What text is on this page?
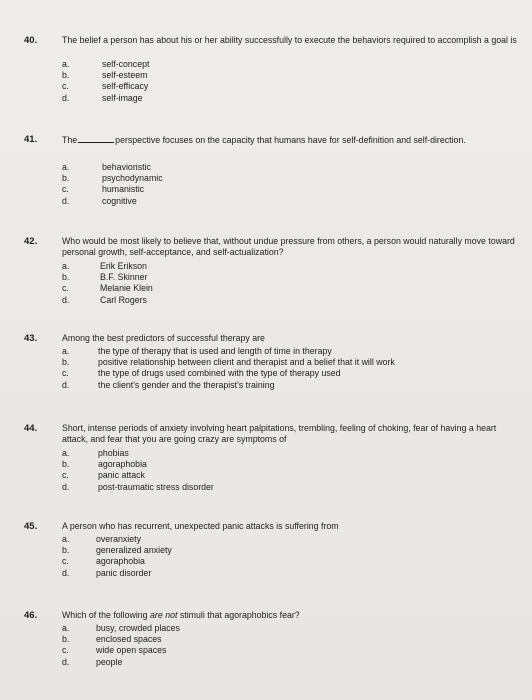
40.	The belief a person has about his or her ability successfully to execute the behaviors required to accomplish a goal is
a.	self-concept
b.	self-esteem
c.	self-efficacy
d.	self-image
41.	The	perspective focuses on the capacity that humans have for self-definition and self-direction.
a.	behavioristic
b.	psychodynamic
c.	humanistic
d.	cognitive
42.	Who would be most likely to believe that, without undue pressure from others, a person would naturally move toward personal growth, self-acceptance, and self-actualization?
a.	Erik Erikson
b.	B.F. Skinner
c.	Melanie Klein
d.	Carl Rogers
43.	Among the best predictors of successful therapy are
a.	the type of therapy that is used and length of time in therapy
b.	positive relationship between client and therapist and a belief that it will work
c.	the type of drugs used combined with the type of therapy used
d.	the client's gender and the therapist's training
44.	Short, intense periods of anxiety involving heart palpitations, trembling, feeling of choking, fear of having a heart attack, and fear that you are going crazy are symptoms of
a.	phobias
b.	agoraphobia
c.	panic attack
d.	post-traumatic stress disorder
45.	A person who has recurrent, unexpected panic attacks is suffering from
a.	overanxiety
b.	generalized anxiety
c.	agoraphobia
d.	panic disorder
46.	Which of the following are not stimuli that agoraphobics fear?
a.	busy, crowded places
b.	enclosed spaces
c.	wide open spaces
d.	people
